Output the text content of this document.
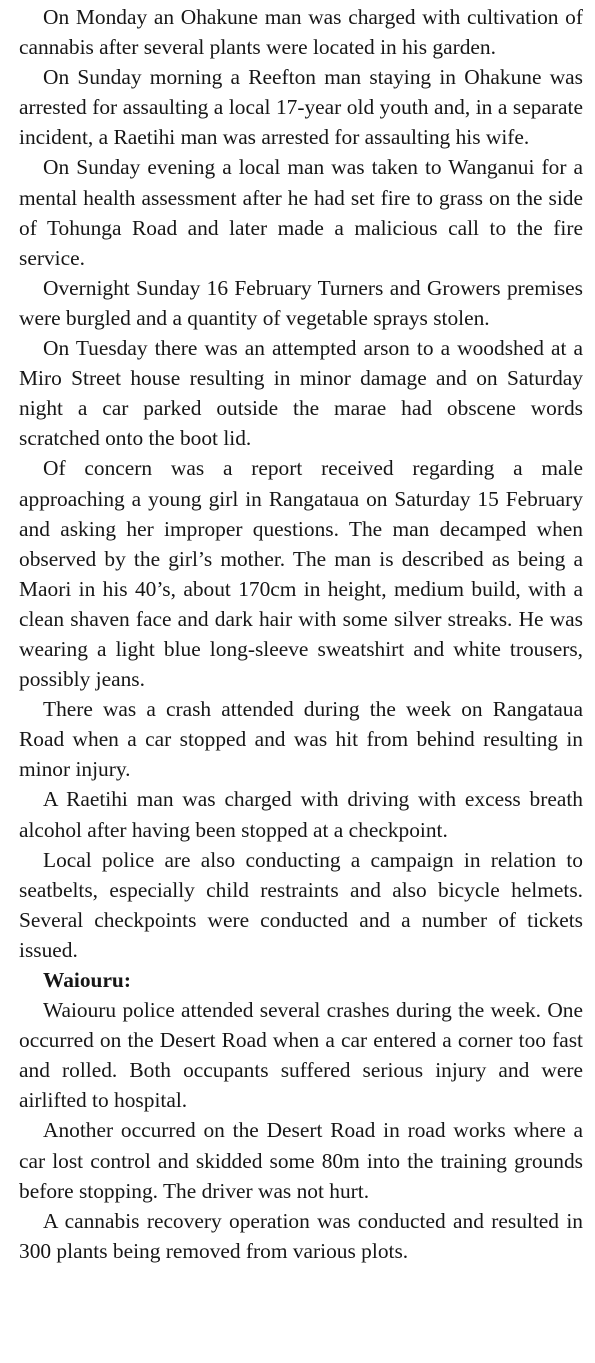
On Monday an Ohakune man was charged with cultivation of cannabis after several plants were located in his garden.

On Sunday morning a Reefton man staying in Ohakune was arrested for assaulting a local 17-year old youth and, in a separate incident, a Raetihi man was arrested for assaulting his wife.

On Sunday evening a local man was taken to Wanganui for a mental health assessment after he had set fire to grass on the side of Tohunga Road and later made a malicious call to the fire service.

Overnight Sunday 16 February Turners and Growers premises were burgled and a quantity of vegetable sprays stolen.

On Tuesday there was an attempted arson to a woodshed at a Miro Street house resulting in minor damage and on Saturday night a car parked outside the marae had obscene words scratched onto the boot lid.

Of concern was a report received regarding a male approaching a young girl in Rangataua on Saturday 15 February and asking her improper questions. The man decamped when observed by the girl’s mother. The man is described as being a Maori in his 40’s, about 170cm in height, medium build, with a clean shaven face and dark hair with some silver streaks. He was wearing a light blue long-sleeve sweatshirt and white trousers, possibly jeans.

There was a crash attended during the week on Rangataua Road when a car stopped and was hit from behind resulting in minor injury.

A Raetihi man was charged with driving with excess breath alcohol after having been stopped at a checkpoint.

Local police are also conducting a campaign in relation to seatbelts, especially child restraints and also bicycle helmets. Several checkpoints were conducted and a number of tickets issued.

Waiouru:

Waiouru police attended several crashes during the week. One occurred on the Desert Road when a car entered a corner too fast and rolled. Both occupants suffered serious injury and were airlifted to hospital.

Another occurred on the Desert Road in road works where a car lost control and skidded some 80m into the training grounds before stopping. The driver was not hurt.

A cannabis recovery operation was conducted and resulted in 300 plants being removed from various plots.
